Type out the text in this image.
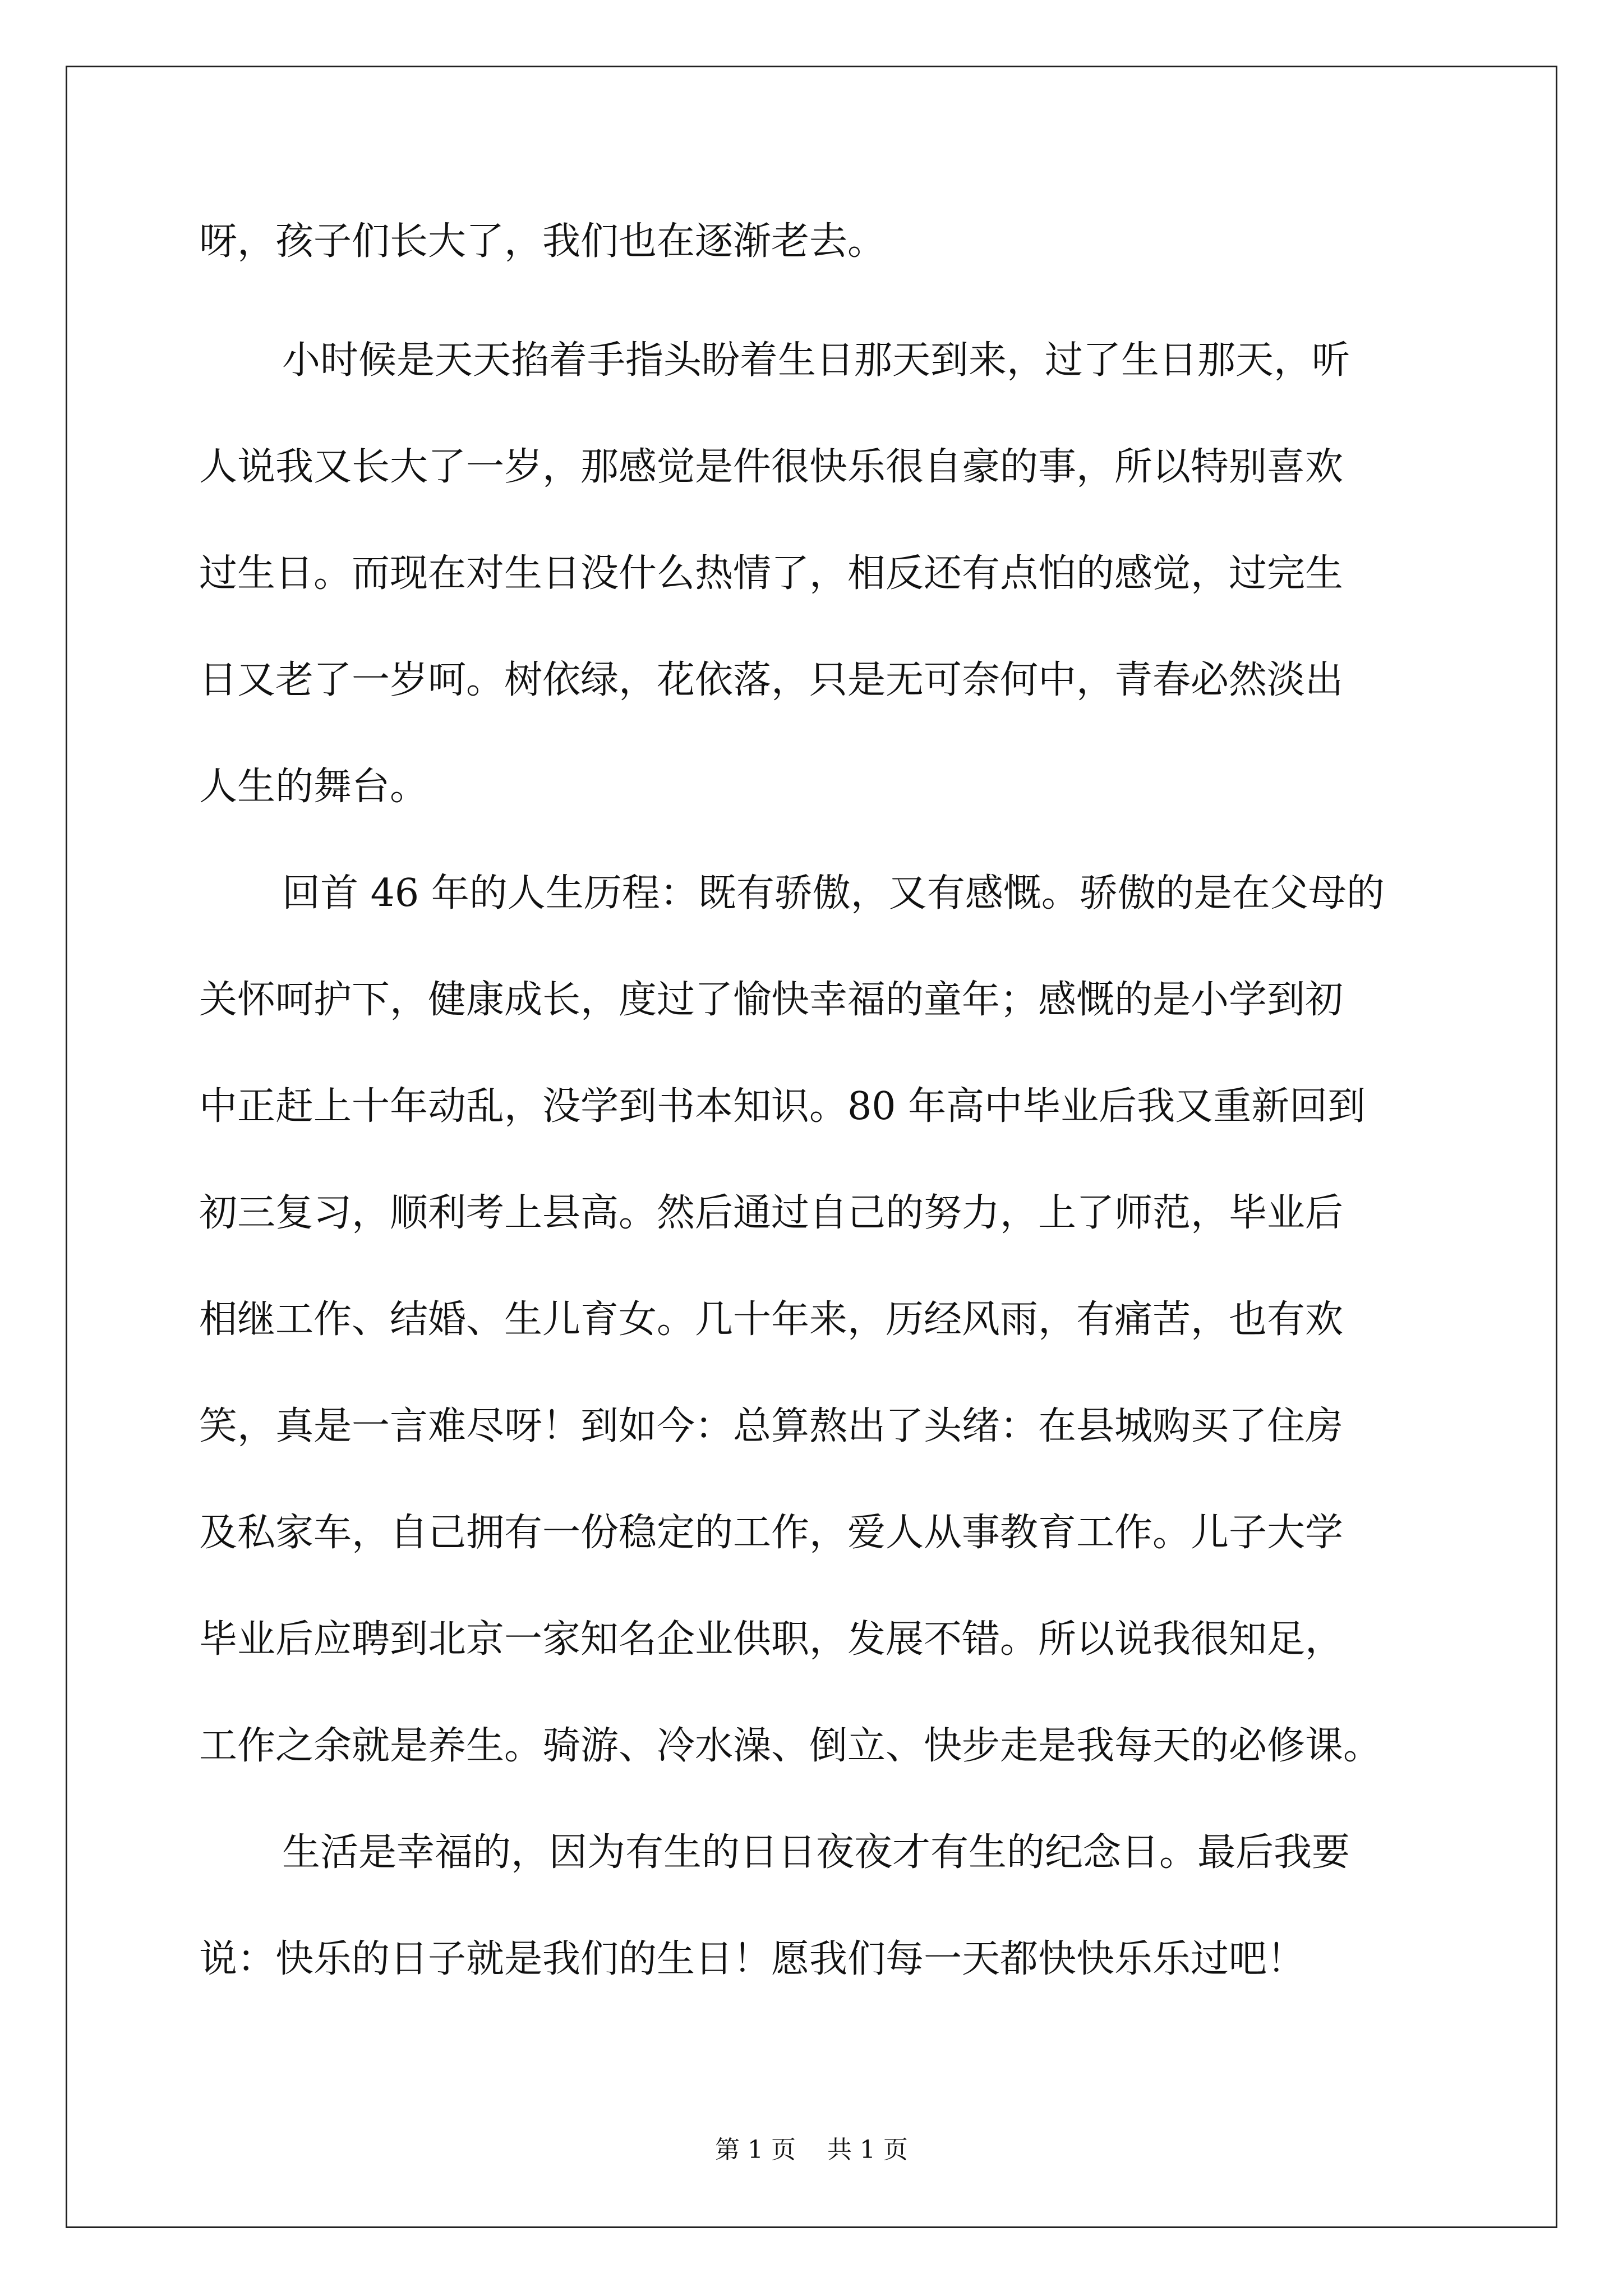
呀，孩子们长大了，我们也在逐渐老去。

小时候是天天掐着手指头盼着生日那天到来，过了生日那天，听

人说我又长大了一岁，那感觉是件很快乐很自豪的事，所以特别喜欢

过生日。而现在对生日没什么热情了，相反还有点怕的感觉，过完生

日又老了一岁呵。树依绿，花依落，只是无可奈何中，青春必然淡出

人生的舞台。

回首 46 年的人生历程：既有骄傲，又有感慨。骄傲的是在父母的

关怀呵护下，健康成长，度过了愉快幸福的童年；感慨的是小学到初

中正赶上十年动乱，没学到书本知识。80 年高中毕业后我又重新回到

初三复习，顺利考上县高。然后通过自己的努力，上了师范，毕业后

相继工作、结婚、生儿育女。几十年来，历经风雨，有痛苦，也有欢

笑，真是一言难尽呀！到如今：总算熬出了头绪：在县城购买了住房

及私家车，自己拥有一份稳定的工作，爱人从事教育工作。儿子大学

毕业后应聘到北京一家知名企业供职，发展不错。所以说我很知足，

工作之余就是养生。骑游、冷水澡、倒立、快步走是我每天的必修课。

生活是幸福的，因为有生的日日夜夜才有生的纪念日。最后我要

说：快乐的日子就是我们的生日！愿我们每一天都快快乐乐过吧！

第 1 页    共 1 页
